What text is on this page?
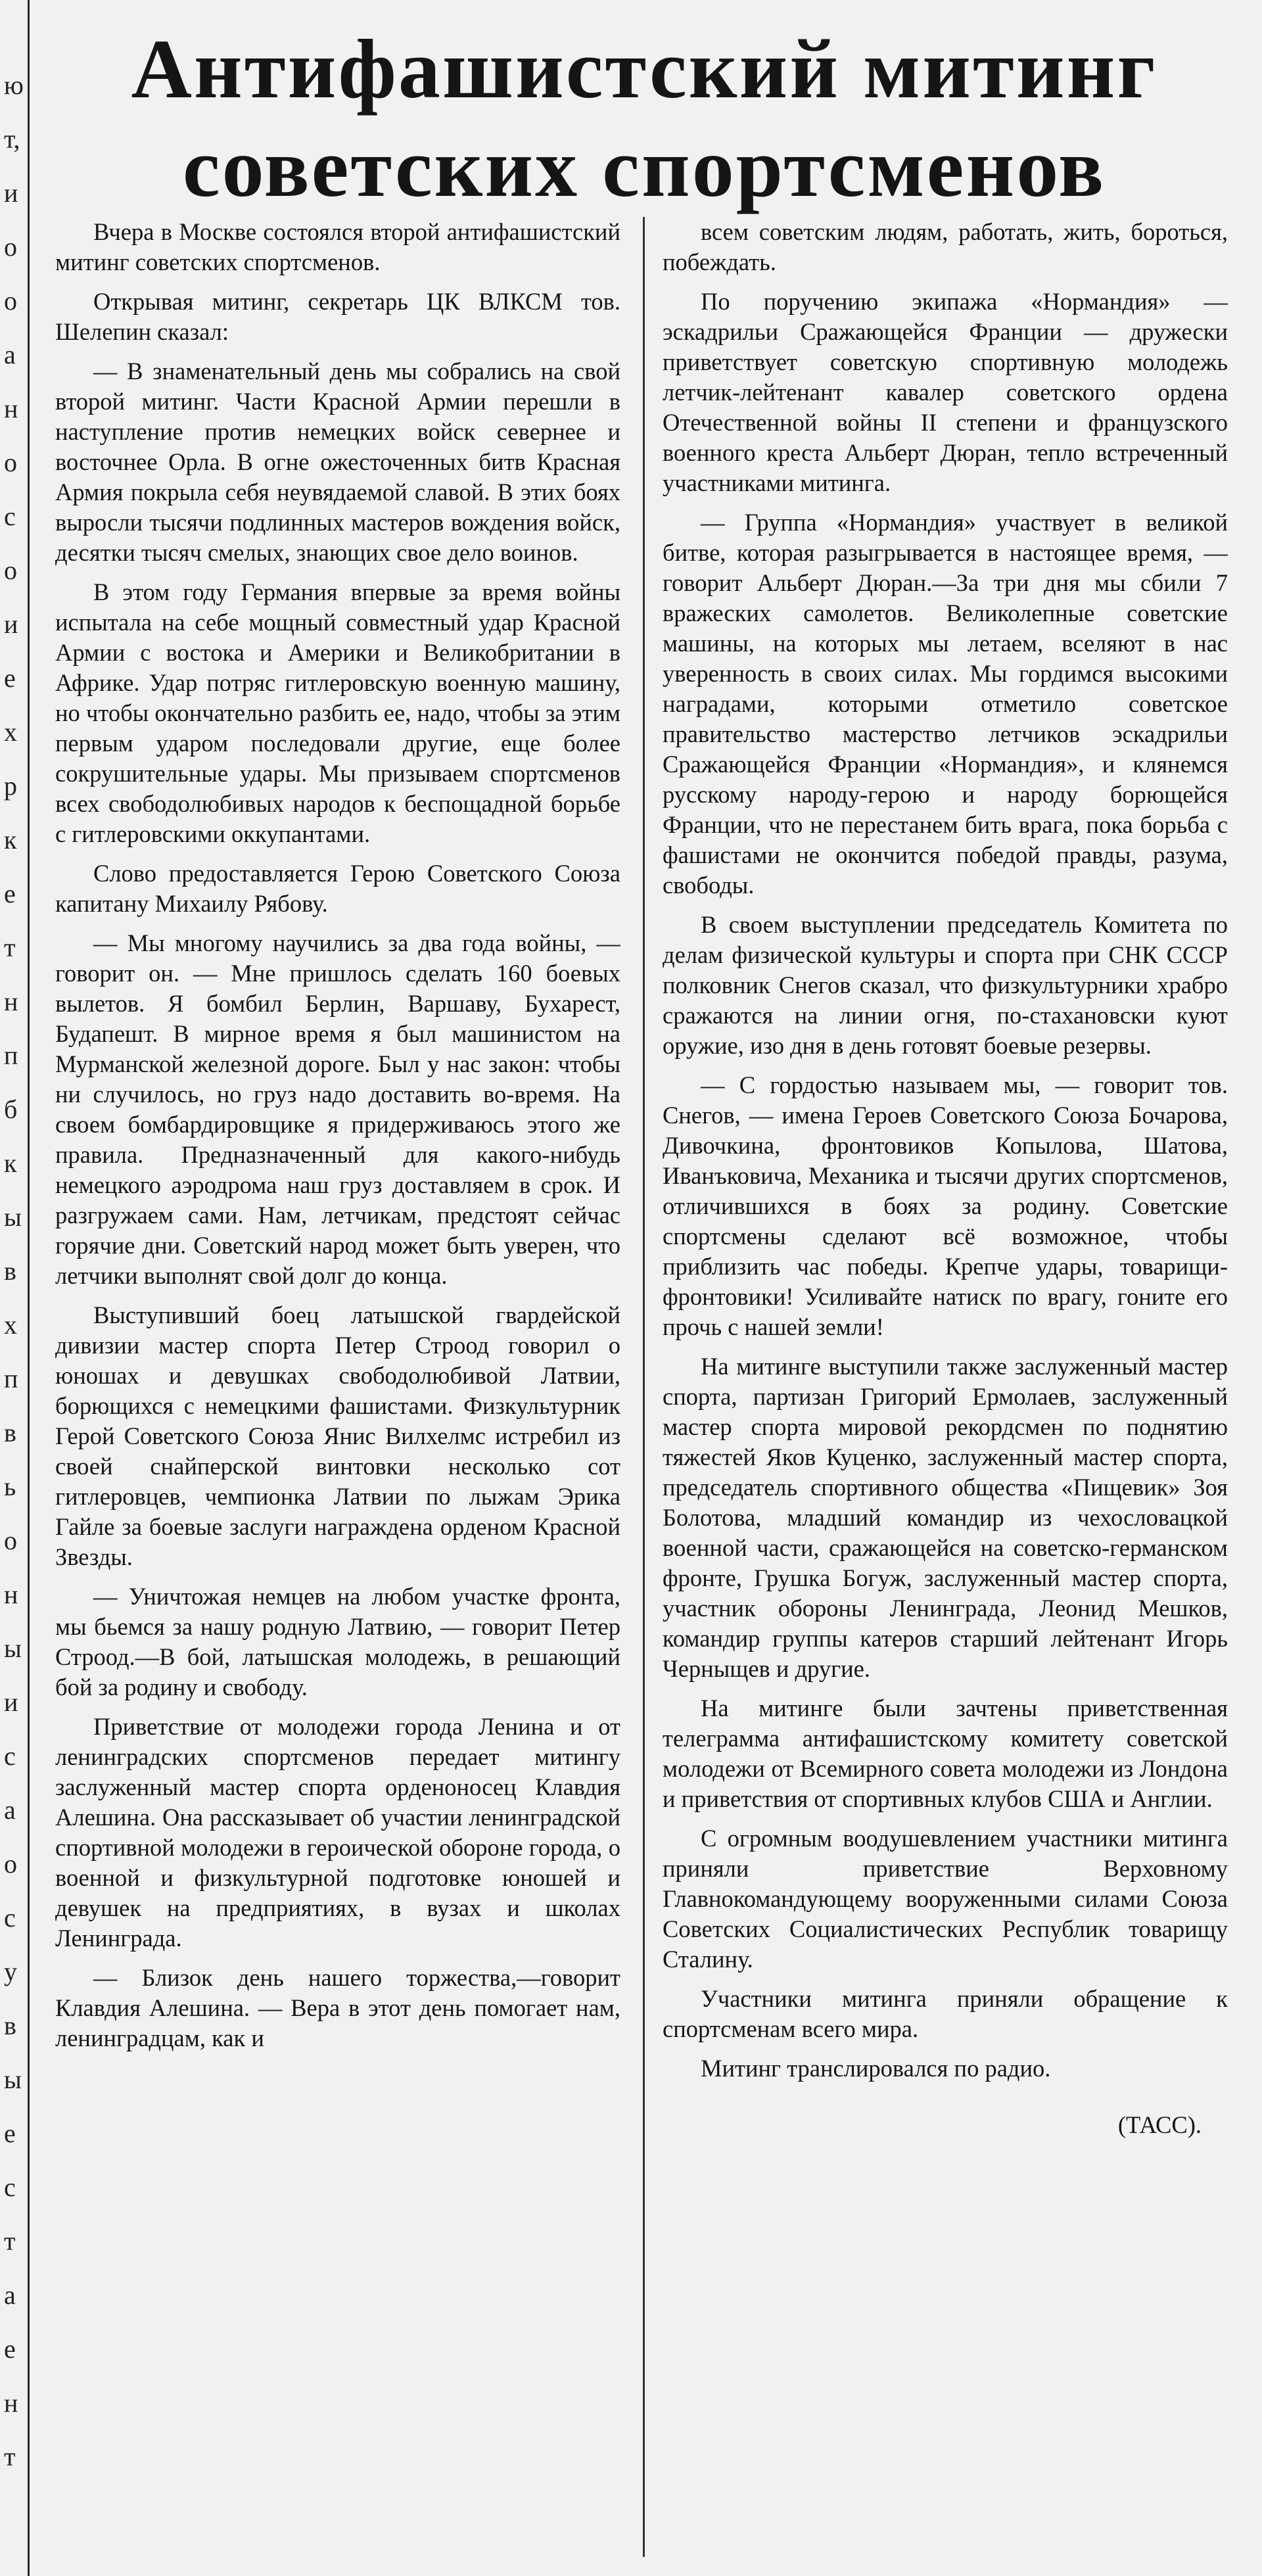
ю
т,
и
о
о
а
н
о
с
о
и
е
х
р
к
е
т
н
п
б
к
ы
в
x
п
в
ь
о
н
ы
и
с
а
о
с
у
в
ы
е
с
т
а
е
н
т
Антифашистский митинг
советских спортсменов

Вчера в Москве состоялся второй антифашистский митинг советских спортсменов.

Открывая митинг, секретарь ЦК ВЛКСМ тов. Шелепин сказал:

— В знаменательный день мы собрались на свой второй митинг. Части Красной Армии перешли в наступление против немецких войск севернее и восточнее Орла. В огне ожесточенных битв Красная Армия покрыла себя неувядаемой славой. В этих боях выросли тысячи подлинных мастеров вождения войск, десятки тысяч смелых, знающих свое дело воинов.

В этом году Германия впервые за время войны испытала на себе мощный совместный удар Красной Армии с востока и Америки и Великобритании в Африке. Удар потряс гитлеровскую военную машину, но чтобы окончательно разбить ее, надо, чтобы за этим первым ударом последовали другие, еще более сокрушительные удары. Мы призываем спортсменов всех свободолюбивых народов к беспощадной борьбе с гитлеровскими оккупантами.

Слово предоставляется Герою Советского Союза капитану Михаилу Рябову.

— Мы многому научились за два года войны, — говорит он. — Мне пришлось сделать 160 боевых вылетов. Я бомбил Берлин, Варшаву, Бухарест, Будапешт. В мирное время я был машинистом на Мурманской железной дороге. Был у нас закон: чтобы ни случилось, но груз надо доставить во-время. На своем бомбардировщике я придерживаюсь этого же правила. Предназначенный для какого-нибудь немецкого аэродрома наш груз доставляем в срок. И разгружаем сами. Нам, летчикам, предстоят сейчас горячие дни. Советский народ может быть уверен, что летчики выполнят свой долг до конца.

Выступивший боец латышской гвардейской дивизии мастер спорта Петер Строод говорил о юношах и девушках свободолюбивой Латвии, борющихся с немецкими фашистами. Физкультурник Герой Советского Союза Янис Вилхелмс истребил из своей снайперской винтовки несколько сот гитлеровцев, чемпионка Латвии по лыжам Эрика Гайле за боевые заслуги награждена орденом Красной Звезды.

— Уничтожая немцев на любом участке фронта, мы бьемся за нашу родную Латвию, — говорит Петер Строод.—В бой, латышская молодежь, в решающий бой за родину и свободу.

Приветствие от молодежи города Ленина и от ленинградских спортсменов передает митингу заслуженный мастер спорта орденоносец Клавдия Алешина. Она рассказывает об участии ленинградской спортивной молодежи в героической обороне города, о военной и физкультурной подготовке юношей и девушек на предприятиях, в вузах и школах Ленинграда.

— Близок день нашего торжества,—говорит Клавдия Алешина. — Вера в этот день помогает нам, ленинградцам, как и

всем советским людям, работать, жить, бороться, побеждать.

По поручению экипажа «Нормандия» — эскадрильи Сражающейся Франции — дружески приветствует советскую спортивную молодежь летчик-лейтенант кавалер советского ордена Отечественной войны II степени и французского военного креста Альберт Дюран, тепло встреченный участниками митинга.

— Группа «Нормандия» участвует в великой битве, которая разыгрывается в настоящее время, — говорит Альберт Дюран.—За три дня мы сбили 7 вражеских самолетов. Великолепные советские машины, на которых мы летаем, вселяют в нас уверенность в своих силах. Мы гордимся высокими наградами, которыми отметило советское правительство мастерство летчиков эскадрильи Сражающейся Франции «Нормандия», и клянемся русскому народу-герою и народу борющейся Франции, что не перестанем бить врага, пока борьба с фашистами не окончится победой правды, разума, свободы.

В своем выступлении председатель Комитета по делам физической культуры и спорта при СНК СССР полковник Снегов сказал, что физкультурники храбро сражаются на линии огня, по-стахановски куют оружие, изо дня в день готовят боевые резервы.

— С гордостью называем мы, — говорит тов. Снегов, — имена Героев Советского Союза Бочарова, Дивочкина, фронтовиков Копылова, Шатова, Иванъковича, Механика и тысячи других спортсменов, отличившихся в боях за родину. Советские спортсмены сделают всё возможное, чтобы приблизить час победы. Крепче удары, товарищи-фронтовики! Усиливайте натиск по врагу, гоните его прочь с нашей земли!

На митинге выступили также заслуженный мастер спорта, партизан Григорий Ермолаев, заслуженный мастер спорта мировой рекордсмен по поднятию тяжестей Яков Куценко, заслуженный мастер спорта, председатель спортивного общества «Пищевик» Зоя Болотова, младший командир из чехословацкой военной части, сражающейся на советско-германском фронте, Грушка Богуж, заслуженный мастер спорта, участник обороны Ленинграда, Леонид Мешков, командир группы катеров старший лейтенант Игорь Черныщев и другие.

На митинге были зачтены приветственная телеграмма антифашистскому комитету советской молодежи от Всемирного совета молодежи из Лондона и приветствия от спортивных клубов США и Англии.

С огромным воодушевлением участники митинга приняли приветствие Верховному Главнокомандующему вооруженными силами Союза Советских Социалистических Республик товарищу Сталину.

Участники митинга приняли обращение к спортсменам всего мира.

Митинг транслировался по радио.

(ТАСС).
